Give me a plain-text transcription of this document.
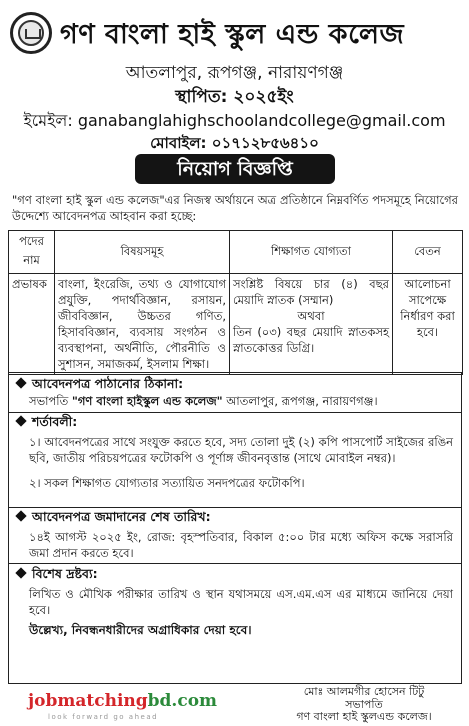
গণ বাংলা হাই স্কুল এন্ড কলেজ
আতলাপুর, রূপগঞ্জ, নারায়ণগঞ্জ
স্থাপিত: ২০২৫ইং
ইমেইল: ganabanglahighschoolandcollege@gmail.com
মোবাইল: ০১৭১২৮৫৬৪১০
নিয়োগ বিজ্ঞপ্তি
"গণ বাংলা হাই স্কুল এন্ড কলেজ"এর নিজস্ব অর্থায়নে অত্র প্রতিষ্ঠানে নিম্নবর্ণিত পদসমূহে নিয়োগের উদ্দেশ্যে আবেদনপত্র আহবান করা হচ্ছে:
পদের নাম	বিষয়সমূহ	শিক্ষাগত যোগ্যতা	বেতন
প্রভাষক	বাংলা, ইংরেজি, তথ্য ও যোগাযোগ প্রযুক্তি, পদার্থবিজ্ঞান, রসায়ন, জীববিজ্ঞান, উচ্চতর গণিত, হিসাববিজ্ঞান, ব্যবসায় সংগঠন ও ব্যবস্থাপনা, অর্থনীতি, পৌরনীতি ও সুশাসন, সমাজকর্ম, ইসলাম শিক্ষা।	সংশ্লিষ্ট বিষয়ে চার (৪) বছর মেয়াদি স্নাতক (সম্মান)
অথবা
তিন (০৩) বছর মেয়াদি স্নাতকসহ স্নাতকোত্তর ডিগ্রি।	আলোচনা সাপেক্ষে নির্ধারণ করা হবে।
আবেদনপত্র পাঠানোর ঠিকানা:
সভাপতি "গণ বাংলা হাইস্কুল এন্ড কলেজ" আতলাপুর, রূপগঞ্জ, নারায়ণগঞ্জ।
শর্তাবলী:
১। আবেদনপত্রের সাথে সংযুক্ত করতে হবে, সদ্য তোলা দুই (২) কপি পাসপোর্ট সাইজের রঙিন ছবি, জাতীয় পরিচয়পত্রের ফটোকপি ও পূর্ণাঙ্গ জীবনবৃত্তান্ত (সাথে মোবাইল নম্বর)।
২। সকল শিক্ষাগত যোগ্যতার সত্যায়িত সনদপত্রের ফটোকপি।
আবেদনপত্র জমাদানের শেষ তারিখ:
১৪ই আগস্ট ২০২৫ ইং, রোজ: বৃহস্পতিবার, বিকাল ৫:০০ টার মধ্যে অফিস কক্ষে সরাসরি জমা প্রদান করতে হবে।
বিশেষ দ্রষ্টব্য:
লিখিত ও মৌখিক পরীক্ষার তারিখ ও স্থান যথাসময়ে এস.এম.এস এর মাধ্যমে জানিয়ে দেয়া হবে।
উল্লেখ্য, নিবন্ধনধারীদের অগ্রাধিকার দেয়া হবে।
jobmatchingbd.com
look forward go ahead
মোঃ আলমগীর হোসেন টিটু
সভাপতি
গণ বাংলা হাই স্কুলএন্ড কলেজ।
